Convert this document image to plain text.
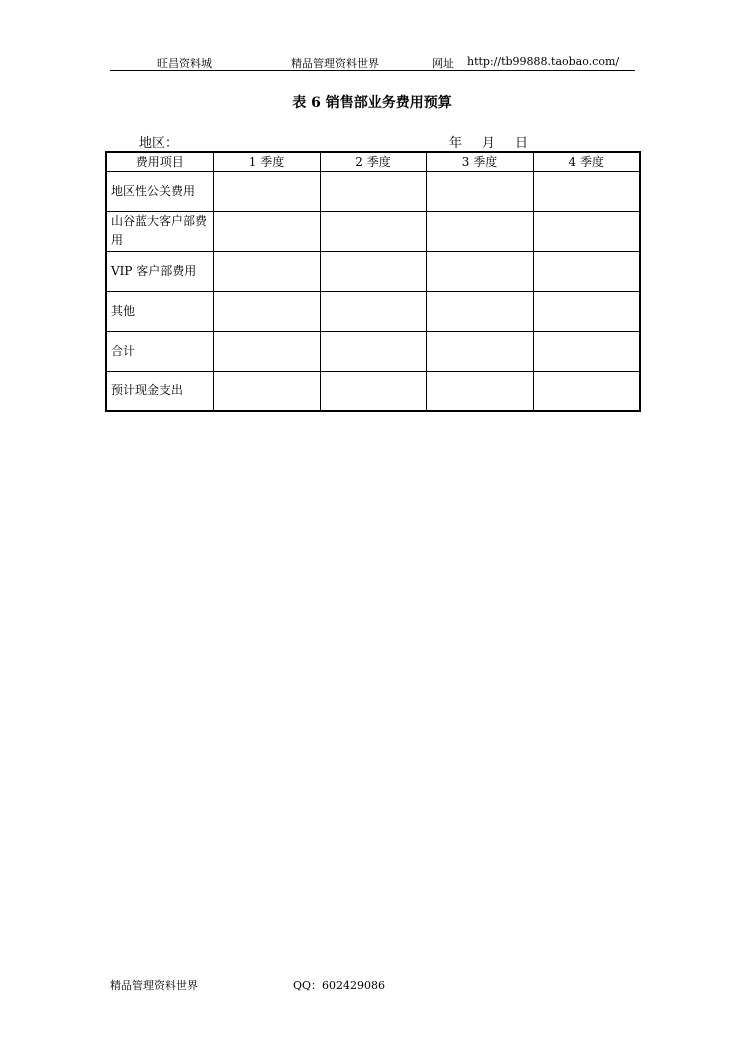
旺昌资料城	精品管理资料世界	网址 http://tb99888.taobao.com/
表 6 销售部业务费用预算
地区：	年 月 日
费用项目	1 季度	2 季度	3 季度	4 季度
地区性公关费用				
山谷蓝大客户部费用				
VIP 客户部费用				
其他				
合计				
预计现金支出				
精品管理资料世界	QQ：602429086
